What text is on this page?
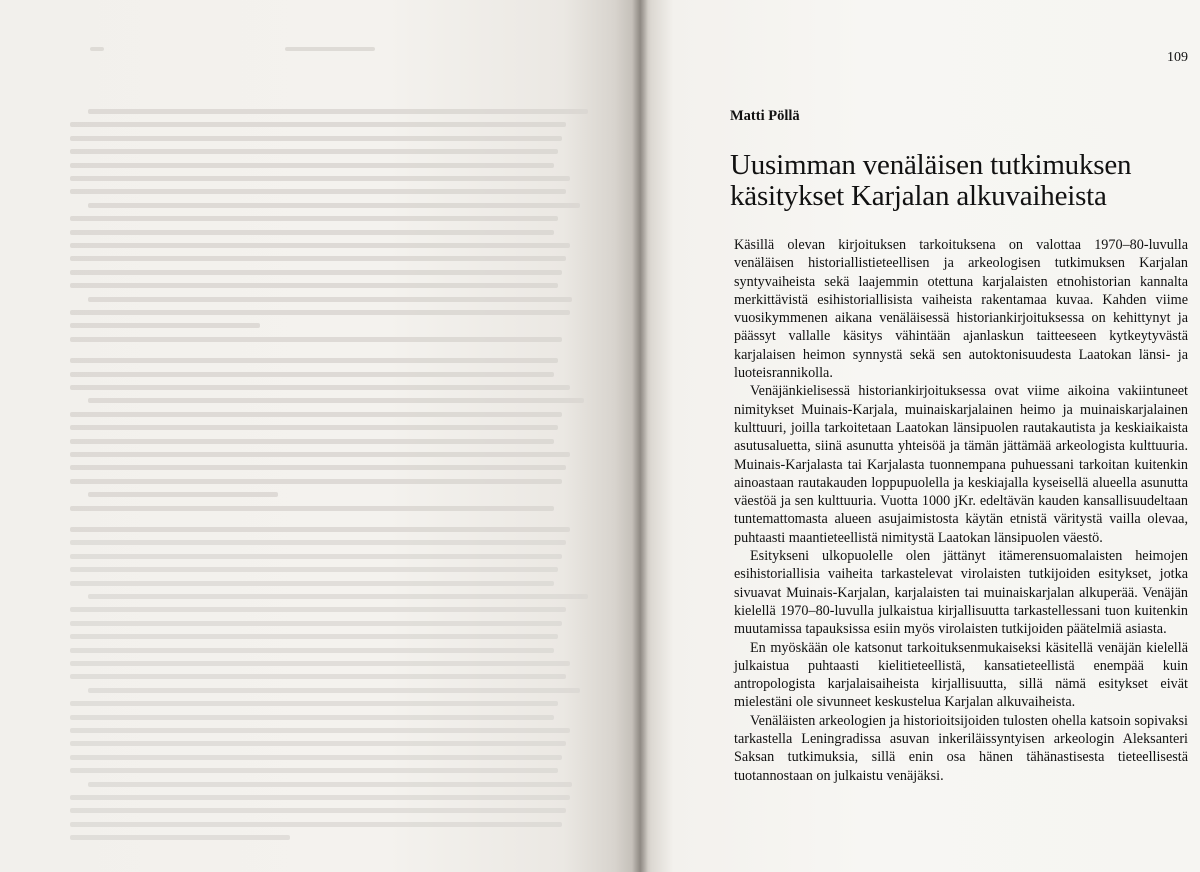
109
Matti Pöllä
Uusimman venäläisen tutkimuksen
käsitykset Karjalan alkuvaiheista

Käsillä olevan kirjoituksen tarkoituksena on valottaa 1970–80-luvulla venäläisen historiallistieteellisen ja arkeologisen tutkimuksen Karjalan syntyvaiheista sekä laajemmin otettuna karjalaisten etnohistorian kannalta merkittävistä esihistoriallisista vaiheista rakentamaa kuvaa. Kahden viime vuosikymmenen aikana venäläisessä historiankirjoituksessa on kehittynyt ja päässyt vallalle käsitys vähintään ajanlaskun taitteeseen kytkeytyvästä karjalaisen heimon synnystä sekä sen autoktonisuudesta Laatokan länsi- ja luoteisrannikolla.

Venäjänkielisessä historiankirjoituksessa ovat viime aikoina vakiintuneet nimitykset Muinais-Karjala, muinaiskarjalainen heimo ja muinaiskarjalainen kulttuuri, joilla tarkoitetaan Laatokan länsipuolen rautakautista ja keskiaikaista asutusaluetta, siinä asunutta yhteisöä ja tämän jättämää arkeologista kulttuuria. Muinais-Karjalasta tai Karjalasta tuonnempana puhuessani tarkoitan kuitenkin ainoastaan rautakauden loppupuolella ja keskiajalla kyseisellä alueella asunutta väestöä ja sen kulttuuria. Vuotta 1000 jKr. edeltävän kauden kansallisuudeltaan tuntemattomasta alueen asujaimistosta käytän etnistä väritystä vailla olevaa, puhtaasti maantieteellistä nimitystä Laatokan länsipuolen väestö.

Esitykseni ulkopuolelle olen jättänyt itämerensuomalaisten heimojen esihistoriallisia vaiheita tarkastelevat virolaisten tutkijoiden esitykset, jotka sivuavat Muinais-Karjalan, karjalaisten tai muinaiskarjalan alkuperää. Venäjän kielellä 1970–80-luvulla julkaistua kirjallisuutta tarkastellessani tuon kuitenkin muutamissa tapauksissa esiin myös virolaisten tutkijoiden päätelmiä asiasta.

En myöskään ole katsonut tarkoituksenmukaiseksi käsitellä venäjän kielellä julkaistua puhtaasti kielitieteellistä, kansatieteellistä enempää kuin antropologista karjalaisaiheista kirjallisuutta, sillä nämä esitykset eivät mielestäni ole sivunneet keskustelua Karjalan alkuvaiheista.

Venäläisten arkeologien ja historioitsijoiden tulosten ohella katsoin sopivaksi tarkastella Leningradissa asuvan inkeriläissyntyisen arkeologin Aleksanteri Saksan tutkimuksia, sillä enin osa hänen tähänastisesta tieteellisestä tuotannostaan on julkaistu venäjäksi.
